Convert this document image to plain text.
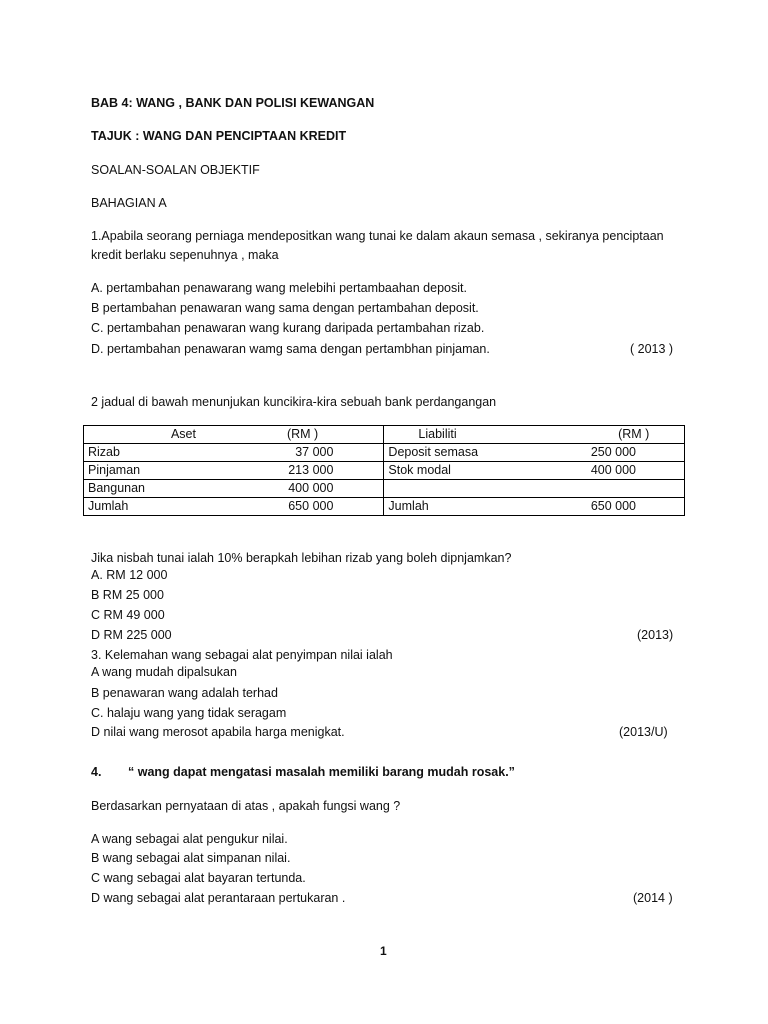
BAB 4: WANG , BANK DAN POLISI KEWANGAN
TAJUK : WANG DAN PENCIPTAAN KREDIT
SOALAN-SOALAN OBJEKTIF
BAHAGIAN A
1.Apabila seorang perniaga mendepositkan wang tunai ke dalam akaun semasa , sekiranya penciptaan
kredit berlaku sepenuhnya , maka
A. pertambahan penawarang wang melebihi pertambaahan deposit.
B pertambahan penawaran wang sama dengan pertambahan deposit.
C. pertambahan penawaran wang kurang daripada pertambahan rizab.
D. pertambahan penawaran wamg sama dengan pertambhan pinjaman.	( 2013 )
2 jadual di bawah menunjukan kuncikira-kira sebuah bank perdangangan
Aset	(RM )	Liabiliti	(RM )
Rizab	37 000	Deposit semasa	250 000
Pinjaman	213 000	Stok modal	400 000
Bangunan	400 000		
Jumlah	650 000	Jumlah	650 000
Jika nisbah tunai ialah 10% berapkah lebihan rizab yang boleh dipnjamkan?
A. RM 12 000
B RM 25 000
C RM 49 000
D RM 225 000	(2013)
3. Kelemahan wang sebagai alat penyimpan nilai ialah
A wang mudah dipalsukan
B penawaran wang adalah terhad
C. halaju wang yang tidak seragam
D nilai wang merosot apabila harga menigkat.	(2013/U)
4. “ wang dapat mengatasi masalah memiliki barang mudah rosak.”
Berdasarkan pernyataan di atas , apakah fungsi wang ?
A wang sebagai alat pengukur nilai.
B wang sebagai alat simpanan nilai.
C wang sebagai alat bayaran tertunda.
D wang sebagai alat perantaraan pertukaran .	(2014 )
1
